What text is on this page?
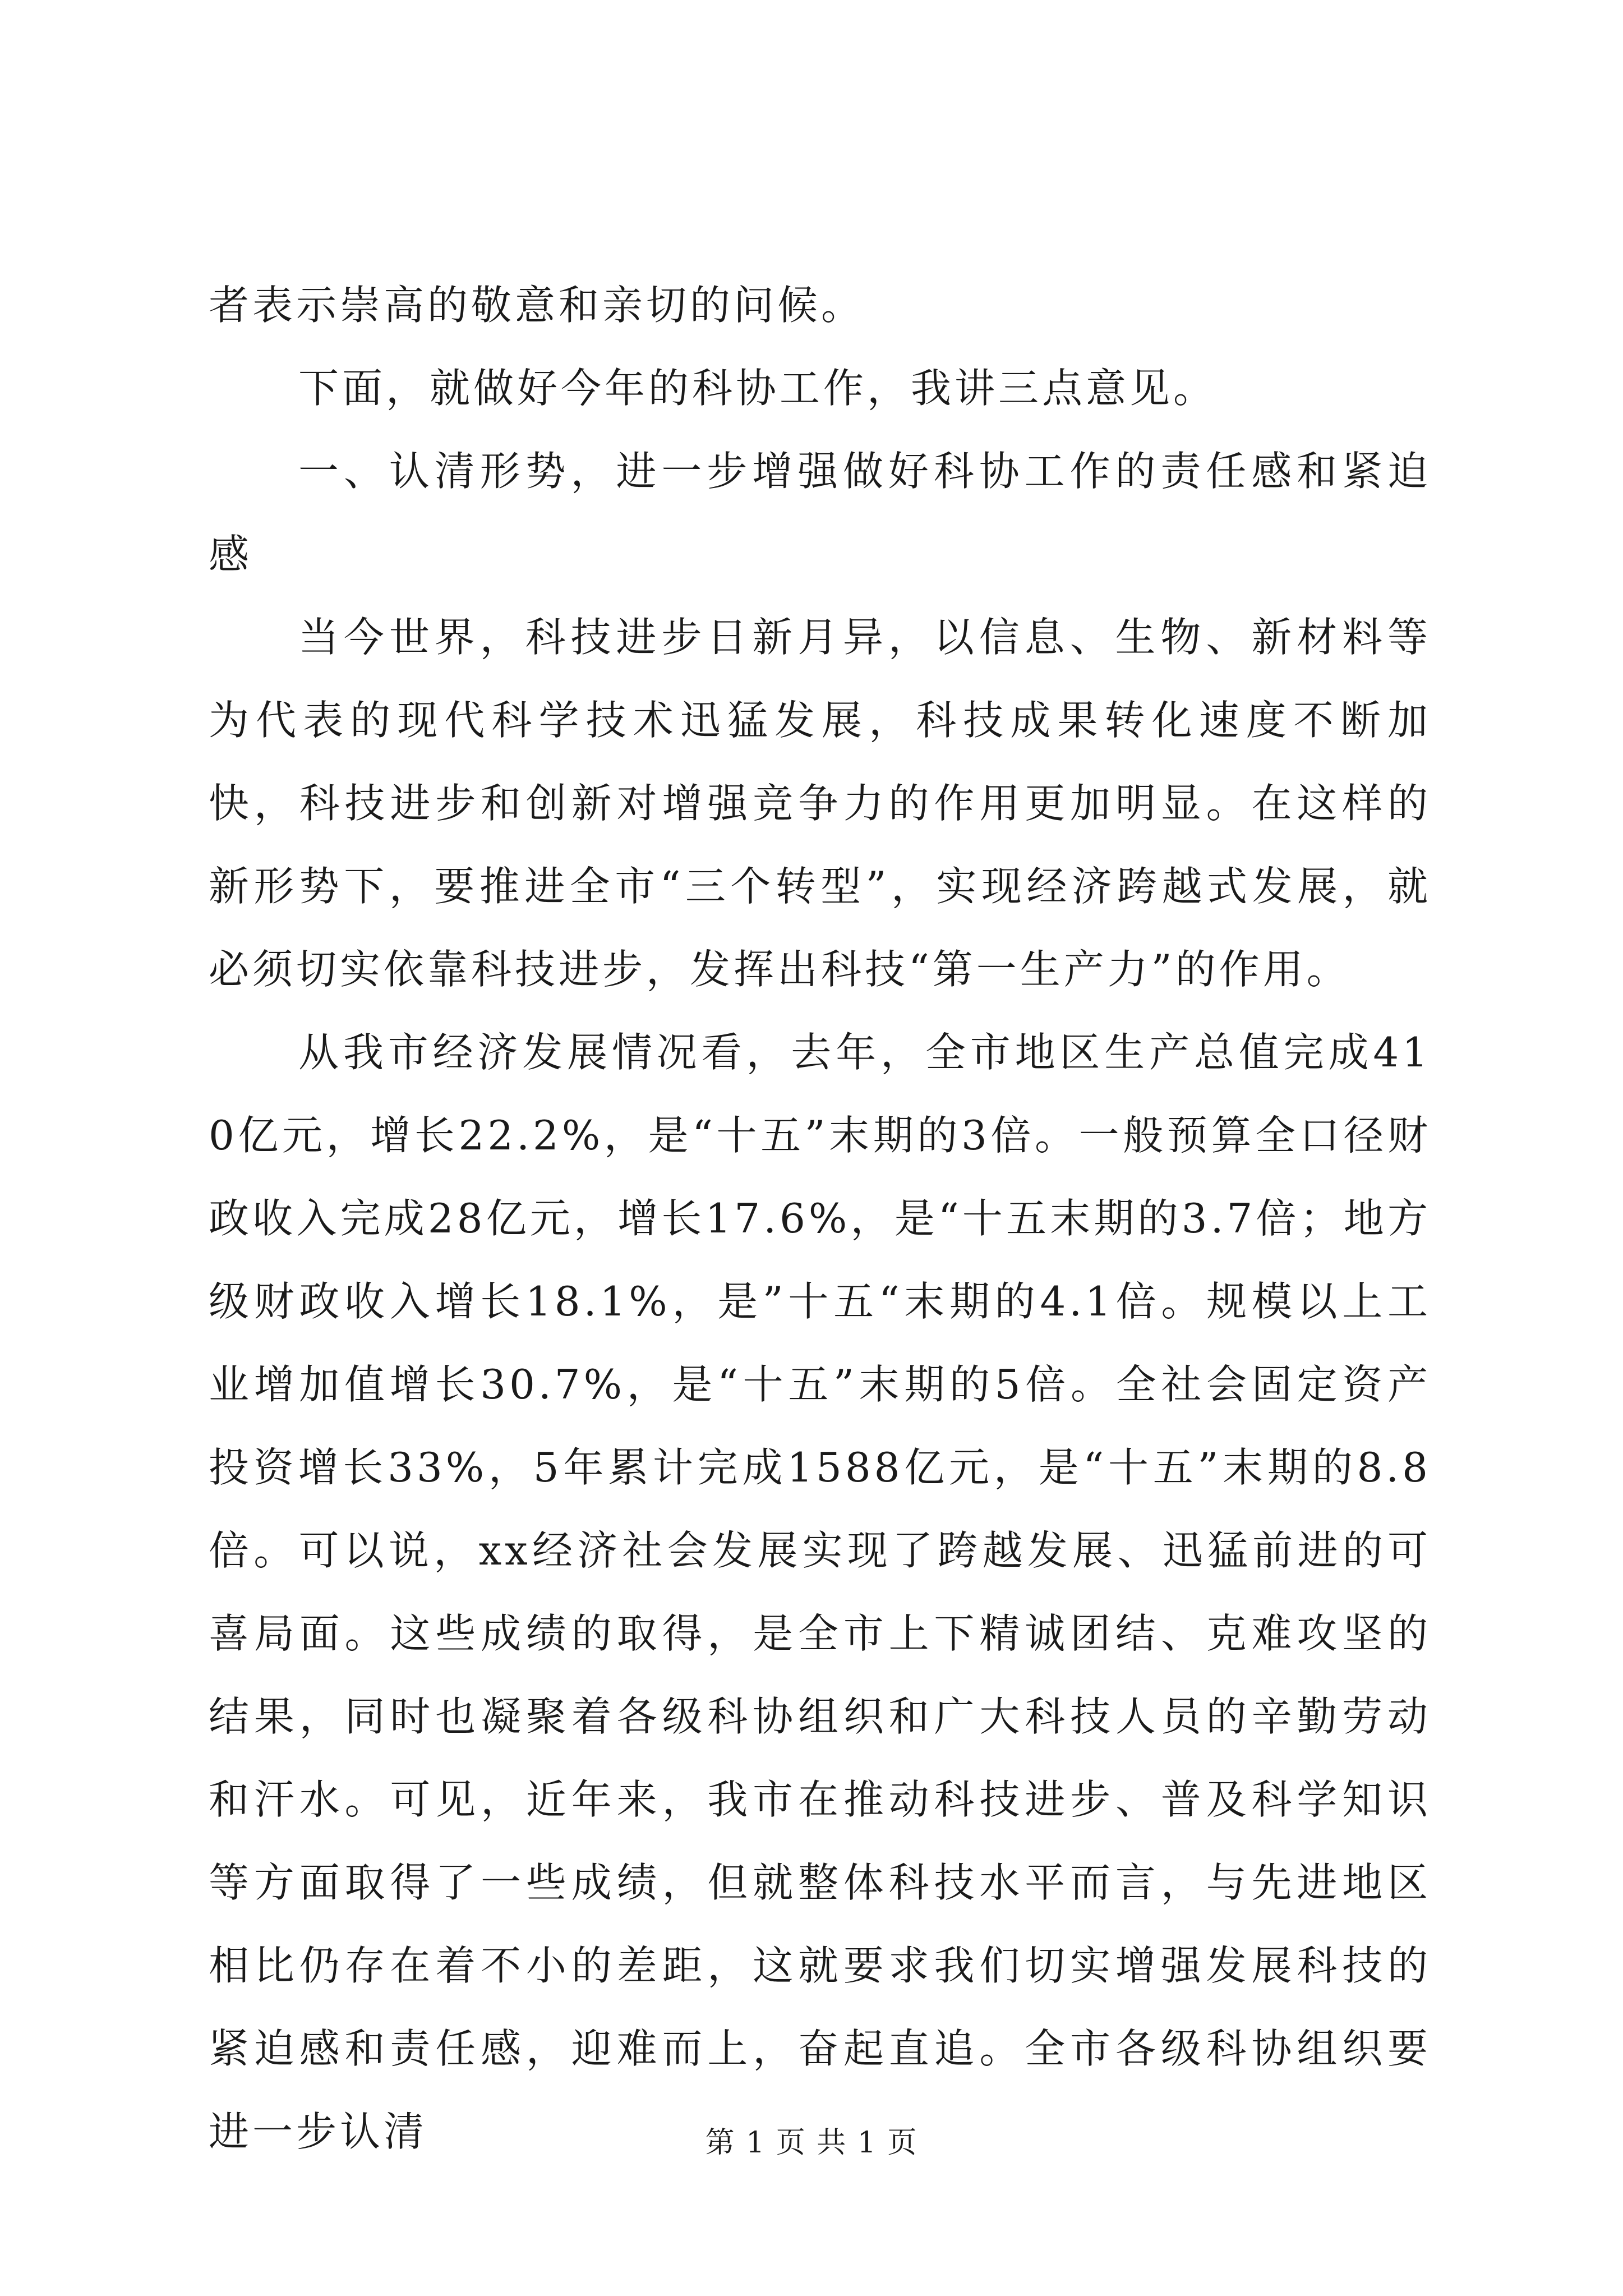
者表示崇高的敬意和亲切的问候。

下面，就做好今年的科协工作，我讲三点意见。

一、认清形势，进一步增强做好科协工作的责任感和紧迫感

当今世界，科技进步日新月异，以信息、生物、新材料等为代表的现代科学技术迅猛发展，科技成果转化速度不断加快，科技进步和创新对增强竞争力的作用更加明显。在这样的新形势下，要推进全市“三个转型”，实现经济跨越式发展，就必须切实依靠科技进步，发挥出科技“第一生产力”的作用。

从我市经济发展情况看，去年，全市地区生产总值完成410亿元，增长22.2%，是“十五”末期的3倍。一般预算全口径财政收入完成28亿元，增长17.6%，是“十五末期的3.7倍；地方级财政收入增长18.1%，是”十五“末期的4.1倍。规模以上工业增加值增长30.7%，是“十五”末期的5倍。全社会固定资产投资增长33%，5年累计完成1588亿元，是“十五”末期的8.8倍。可以说，xx经济社会发展实现了跨越发展、迅猛前进的可喜局面。这些成绩的取得，是全市上下精诚团结、克难攻坚的结果，同时也凝聚着各级科协组织和广大科技人员的辛勤劳动和汗水。可见，近年来，我市在推动科技进步、普及科学知识等方面取得了一些成绩，但就整体科技水平而言，与先进地区相比仍存在着不小的差距，这就要求我们切实增强发展科技的紧迫感和责任感，迎难而上，奋起直追。全市各级科协组织要进一步认清	第 1 页 共 1 页
